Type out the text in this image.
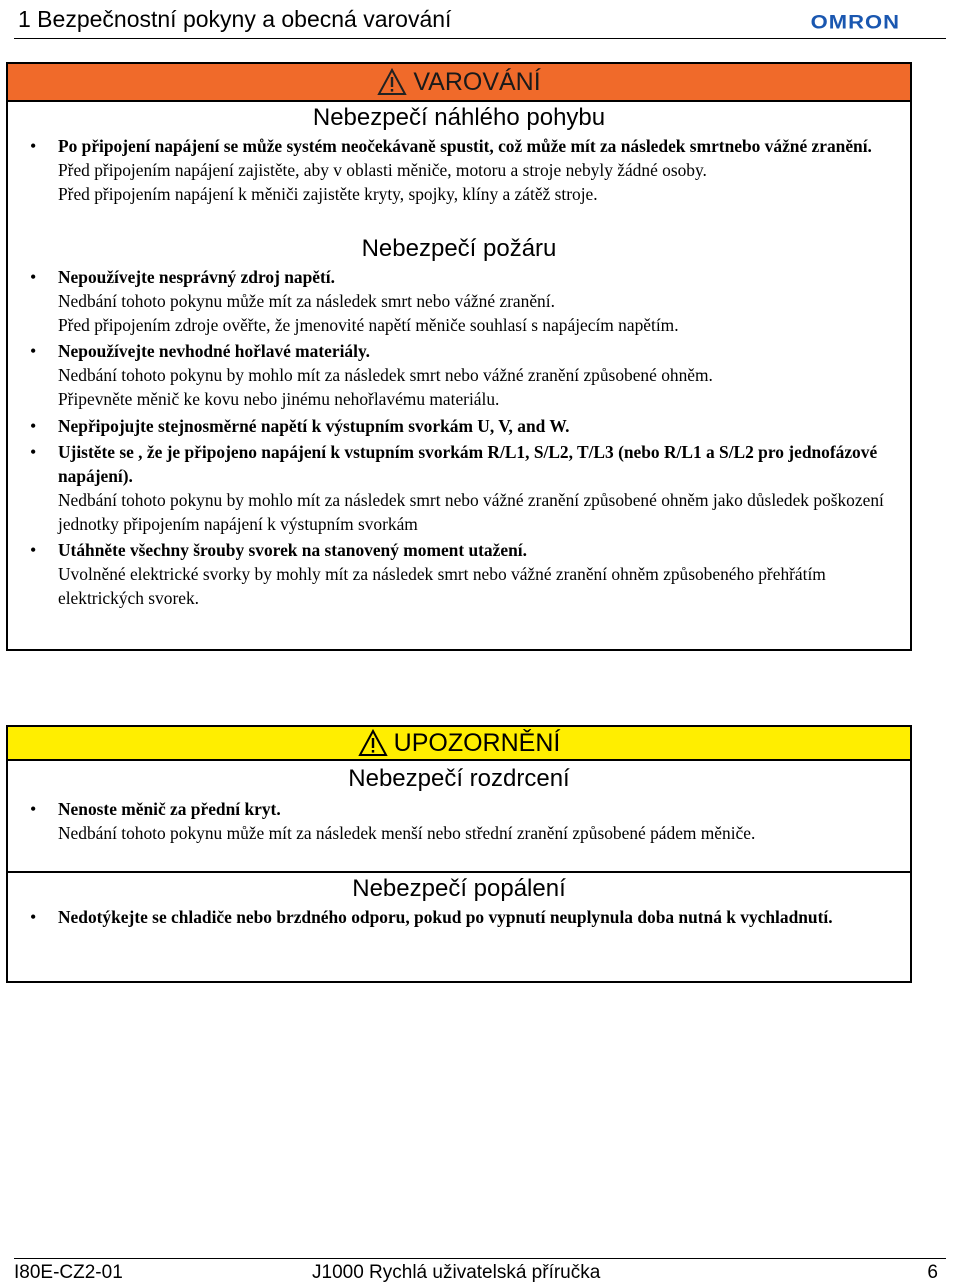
1 Bezpečnostní pokyny a obecná varování	OMRON
VAROVÁNÍ
Nebezpečí náhlého pohybu
• Po připojení napájení se může systém neočekávaně spustit, což může mít za následek smrtnebo vážné zranění.
Před připojením napájení zajistěte, aby v oblasti měniče, motoru a stroje nebyly žádné osoby.
Před připojením napájení k měniči zajistěte kryty, spojky, klíny a zátěž stroje.
Nebezpečí požáru
• Nepoužívejte nesprávný zdroj napětí.
Nedbání tohoto pokynu může mít za následek smrt nebo vážné zranění.
Před připojením zdroje ověřte, že jmenovité napětí měniče souhlasí s napájecím napětím.
• Nepoužívejte nevhodné hořlavé materiály.
Nedbání tohoto pokynu by mohlo mít za následek smrt nebo vážné zranění způsobené ohněm.
Připevněte měnič ke kovu nebo jinému nehořlavému materiálu.
• Nepřipojujte stejnosměrné napětí k výstupním svorkám U, V, and W.
• Ujistěte se , že je připojeno napájení k vstupním svorkám R/L1, S/L2, T/L3 (nebo R/L1 a S/L2 pro jednofázové napájení).
Nedbání tohoto pokynu by mohlo mít za následek smrt nebo vážné zranění způsobené ohněm jako důsledek poškození jednotky připojením napájení k výstupním svorkám
• Utáhněte všechny šrouby svorek na stanovený moment utažení.
Uvolněné elektrické svorky by mohly mít za následek smrt nebo vážné zranění ohněm způsobeného přehřátím elektrických svorek.
UPOZORNĚNÍ
Nebezpečí rozdrcení
• Nenoste měnič za přední kryt.
Nedbání tohoto pokynu může mít za následek menší nebo střední zranění způsobené pádem měniče.
Nebezpečí popálení
• Nedotýkejte se chladiče nebo brzdného odporu, pokud po vypnutí neuplynula doba nutná k vychladnutí.
I80E-CZ2-01	J1000 Rychlá uživatelská příručka	6
